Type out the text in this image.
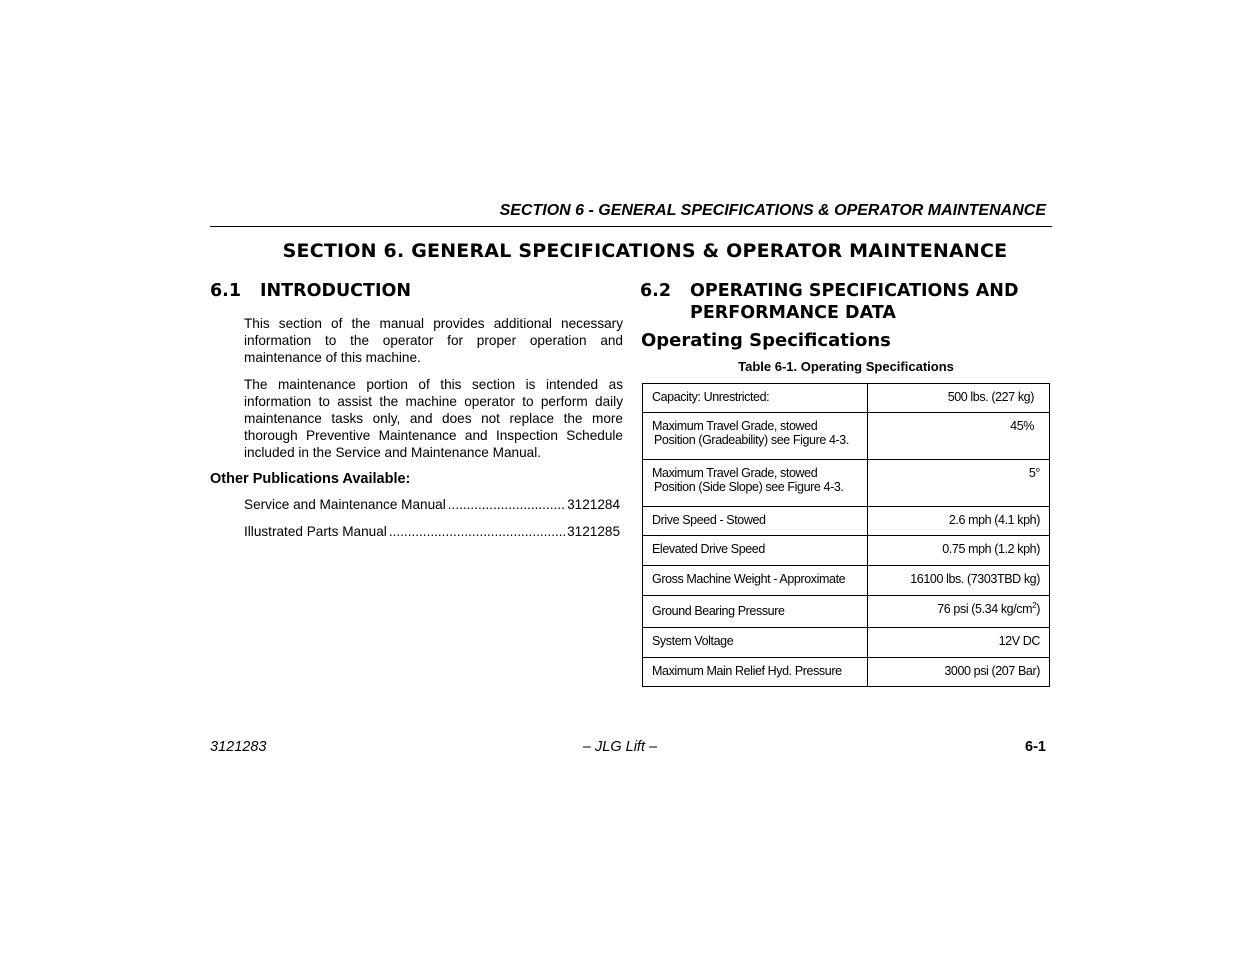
SECTION 6 - GENERAL SPECIFICATIONS & OPERATOR MAINTENANCE
SECTION 6. GENERAL SPECIFICATIONS & OPERATOR MAINTENANCE
6.1 INTRODUCTION
This section of the manual provides additional necessary information to the operator for proper operation and maintenance of this machine.
The maintenance portion of this section is intended as information to assist the machine operator to perform daily maintenance tasks only, and does not replace the more thorough Preventive Maintenance and Inspection Schedule included in the Service and Maintenance Manual.
Other Publications Available:
Service and Maintenance Manual .....	3121284
Illustrated Parts Manual .....	3121285
6.2 OPERATING SPECIFICATIONS AND
PERFORMANCE DATA
Operating Specifications
Table 6-1. Operating Specifications
Capacity: Unrestricted:	500 lbs. (227 kg)
Maximum Travel Grade, stowed
Position (Gradeability) see Figure 4-3.	45%
Maximum Travel Grade, stowed
Position (Side Slope) see Figure 4-3.	5°
Drive Speed - Stowed	2.6 mph (4.1 kph)
Elevated Drive Speed	0.75 mph (1.2 kph)
Gross Machine Weight - Approximate	16100 lbs. (7303TBD kg)
Ground Bearing Pressure	76 psi (5.34 $kg/cm^2$)
System Voltage	12V DC
Maximum Main Relief Hyd. Pressure	3000 psi (207 Bar)
3121283	– JLG Lift –	6-1
